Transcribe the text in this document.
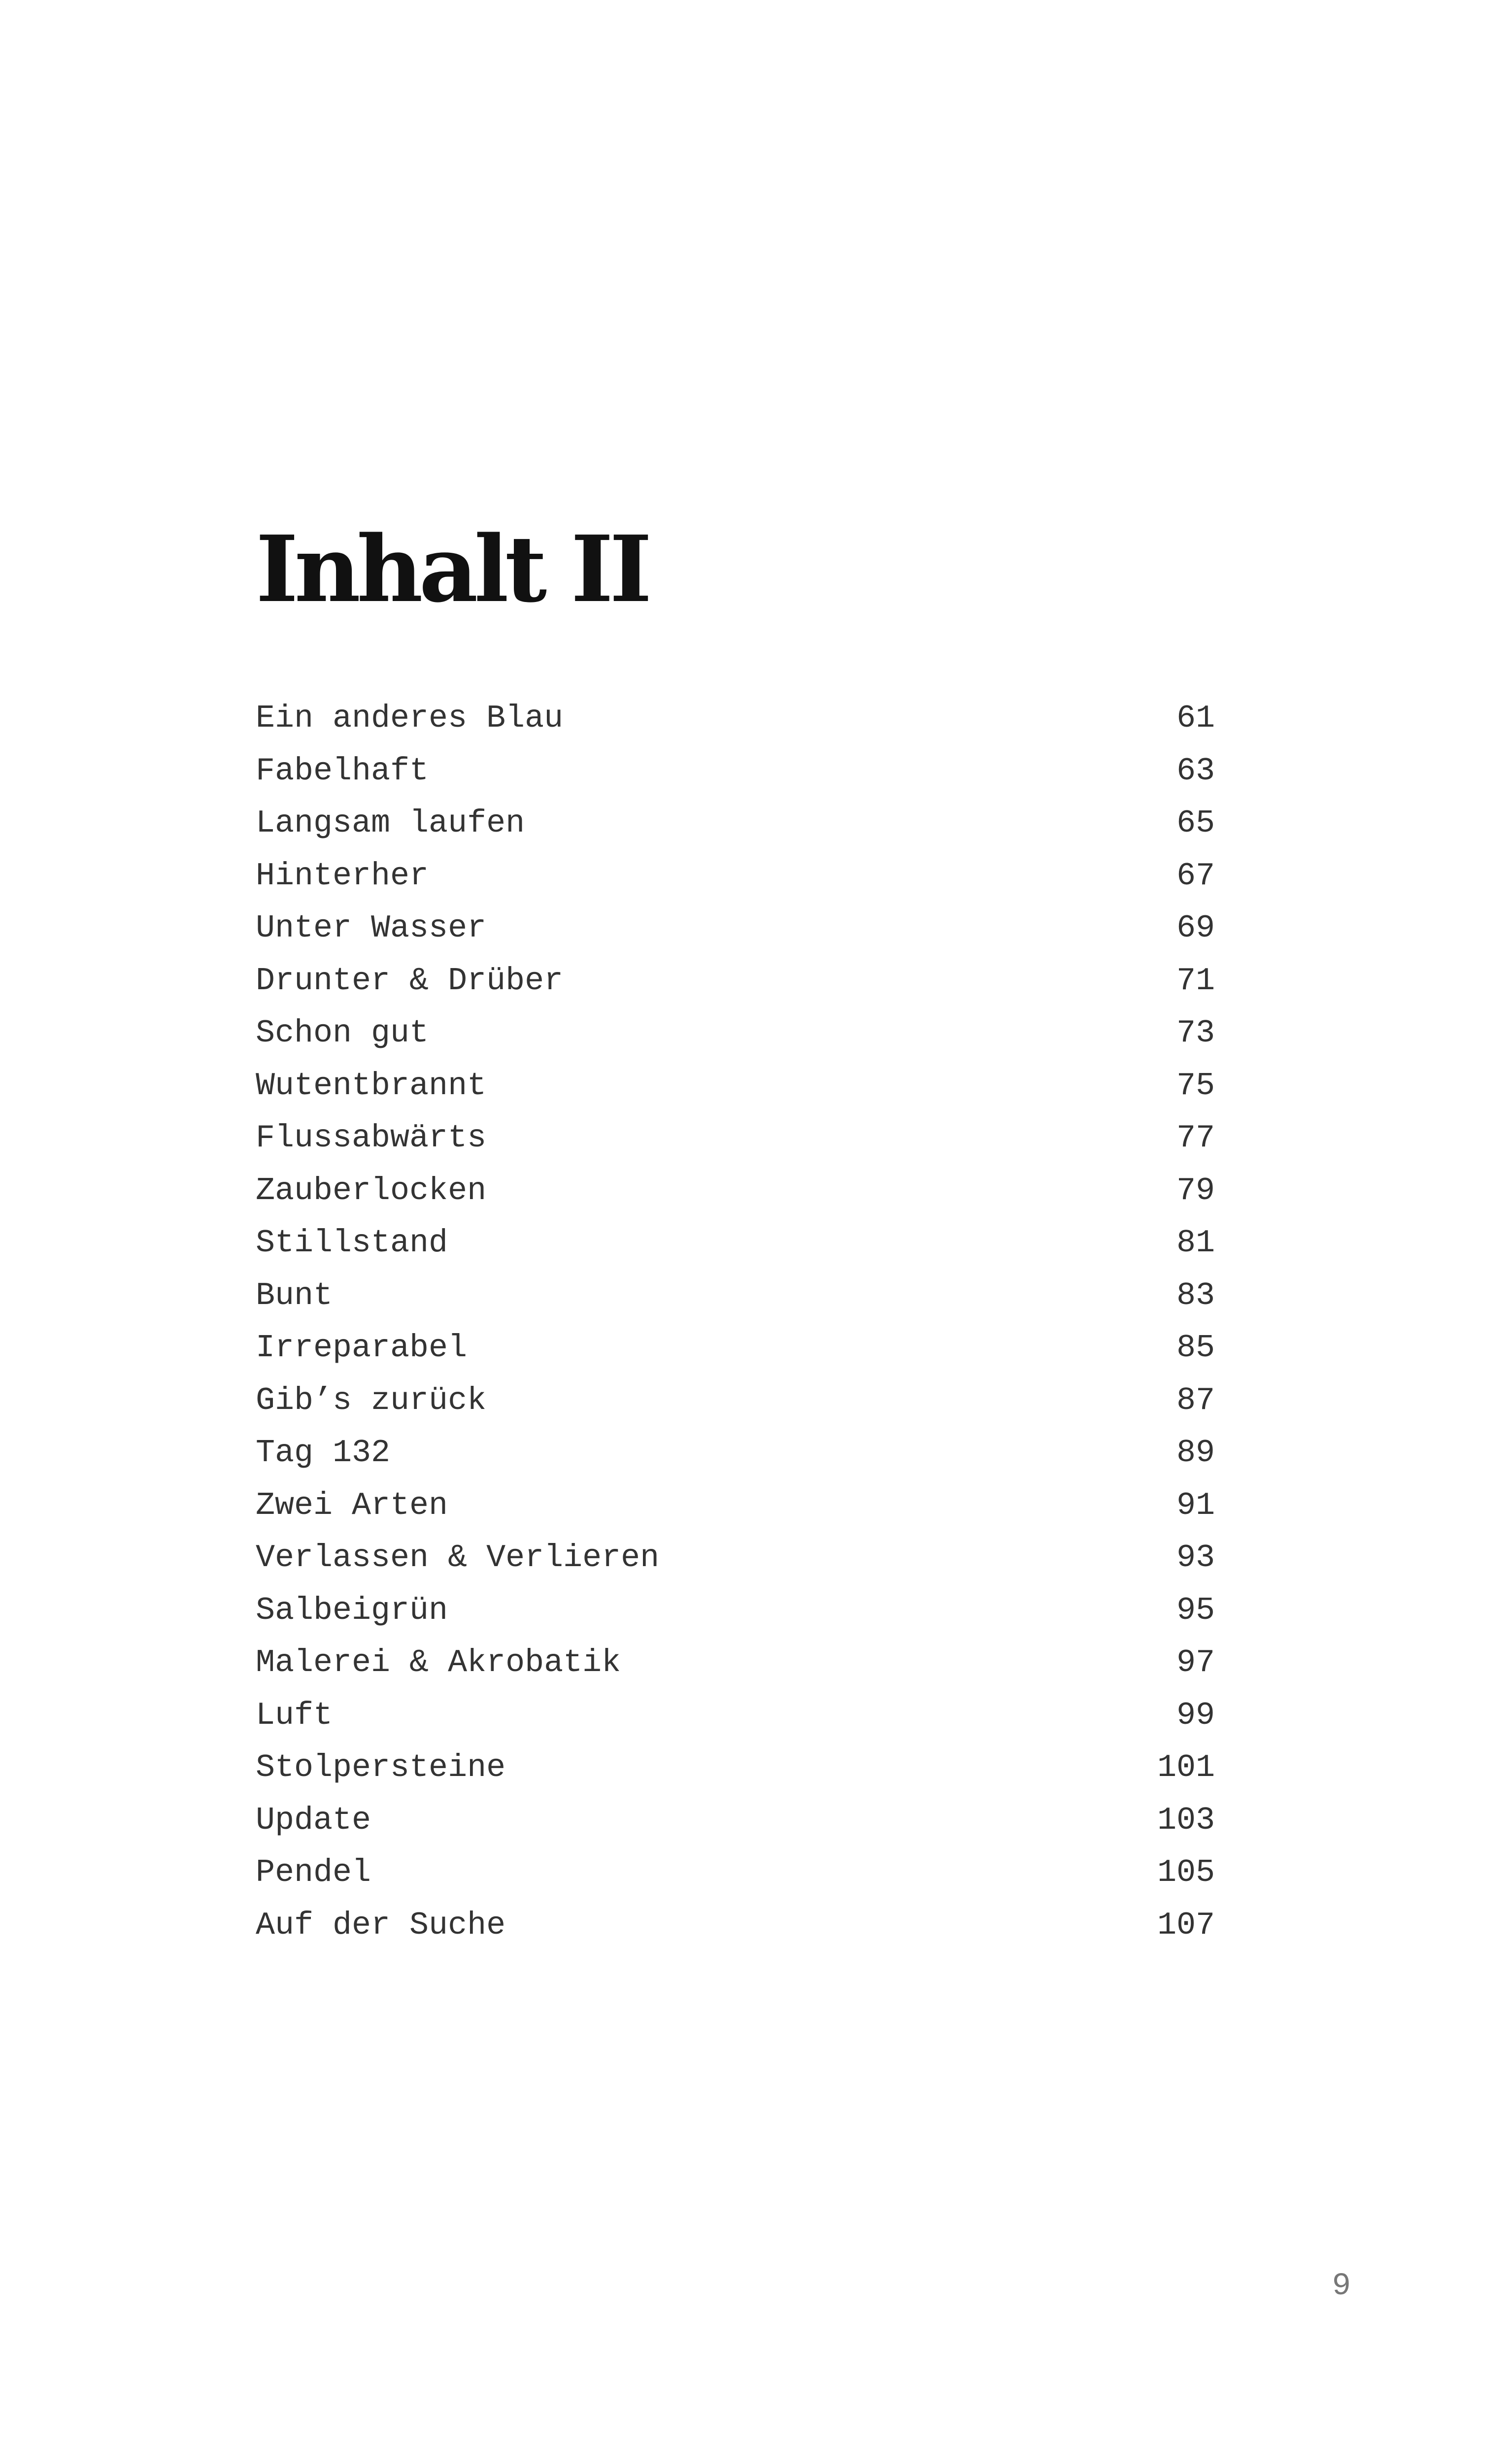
Inhalt II
Ein anderes Blau	61
Fabelhaft	63
Langsam laufen	65
Hinterher	67
Unter Wasser	69
Drunter & Drüber	71
Schon gut	73
Wutentbrannt	75
Flussabwärts	77
Zauberlocken	79
Stillstand	81
Bunt	83
Irreparabel	85
Gib’s zurück	87
Tag 132	89
Zwei Arten	91
Verlassen & Verlieren	93
Salbeigrün	95
Malerei & Akrobatik	97
Luft	99
Stolpersteine	101
Update	103
Pendel	105
Auf der Suche	107
9
